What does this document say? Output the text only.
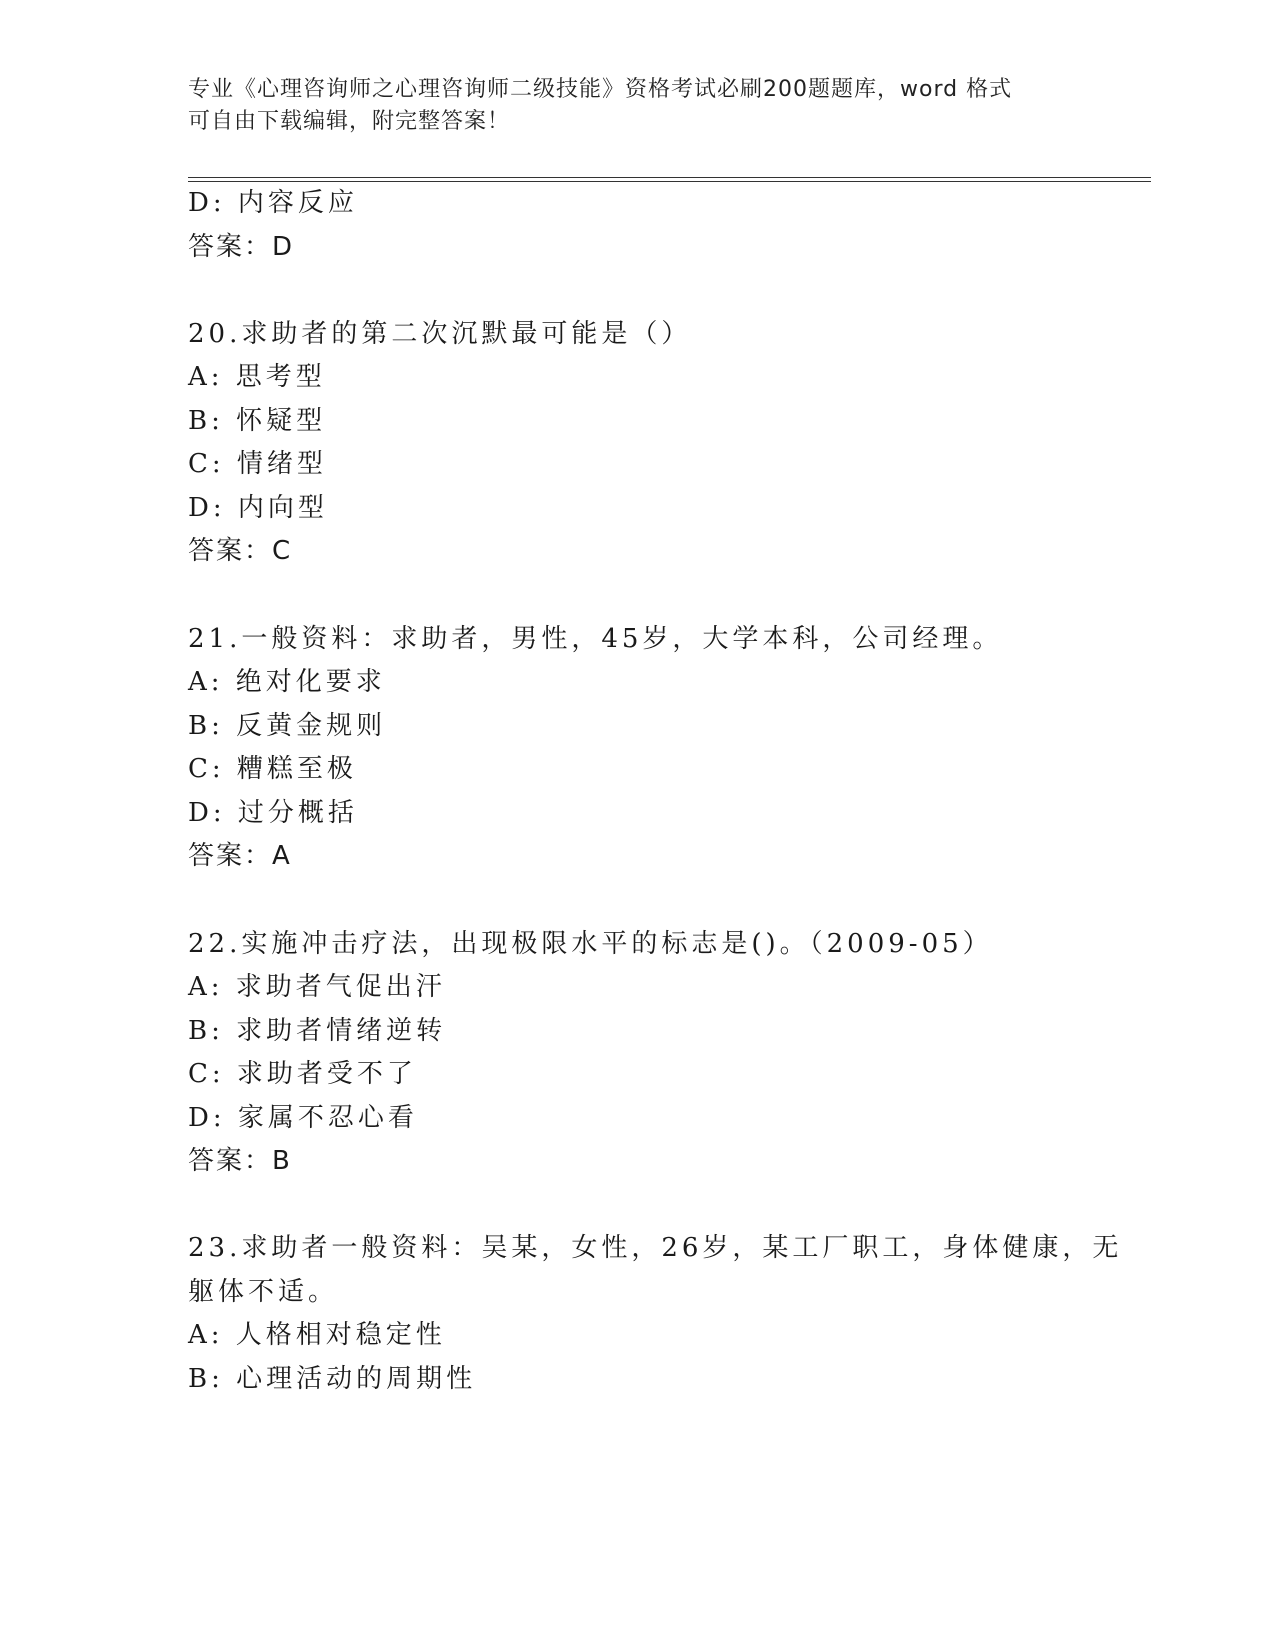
专业《心理咨询师之心理咨询师二级技能》资格考试必刷200题题库，word 格式
可自由下载编辑，附完整答案！
D: 内容反应
答案：D
20.求助者的第二次沉默最可能是（）
A: 思考型
B: 怀疑型
C: 情绪型
D: 内向型
答案：C
21.一般资料：求助者，男性，45岁，大学本科，公司经理。
A: 绝对化要求
B: 反黄金规则
C: 糟糕至极
D: 过分概括
答案：A
22.实施冲击疗法，出现极限水平的标志是()。（2009-05）
A: 求助者气促出汗
B: 求助者情绪逆转
C: 求助者受不了
D: 家属不忍心看
答案：B
23.求助者一般资料：吴某，女性，26岁，某工厂职工，身体健康，无
躯体不适。
A: 人格相对稳定性
B: 心理活动的周期性
